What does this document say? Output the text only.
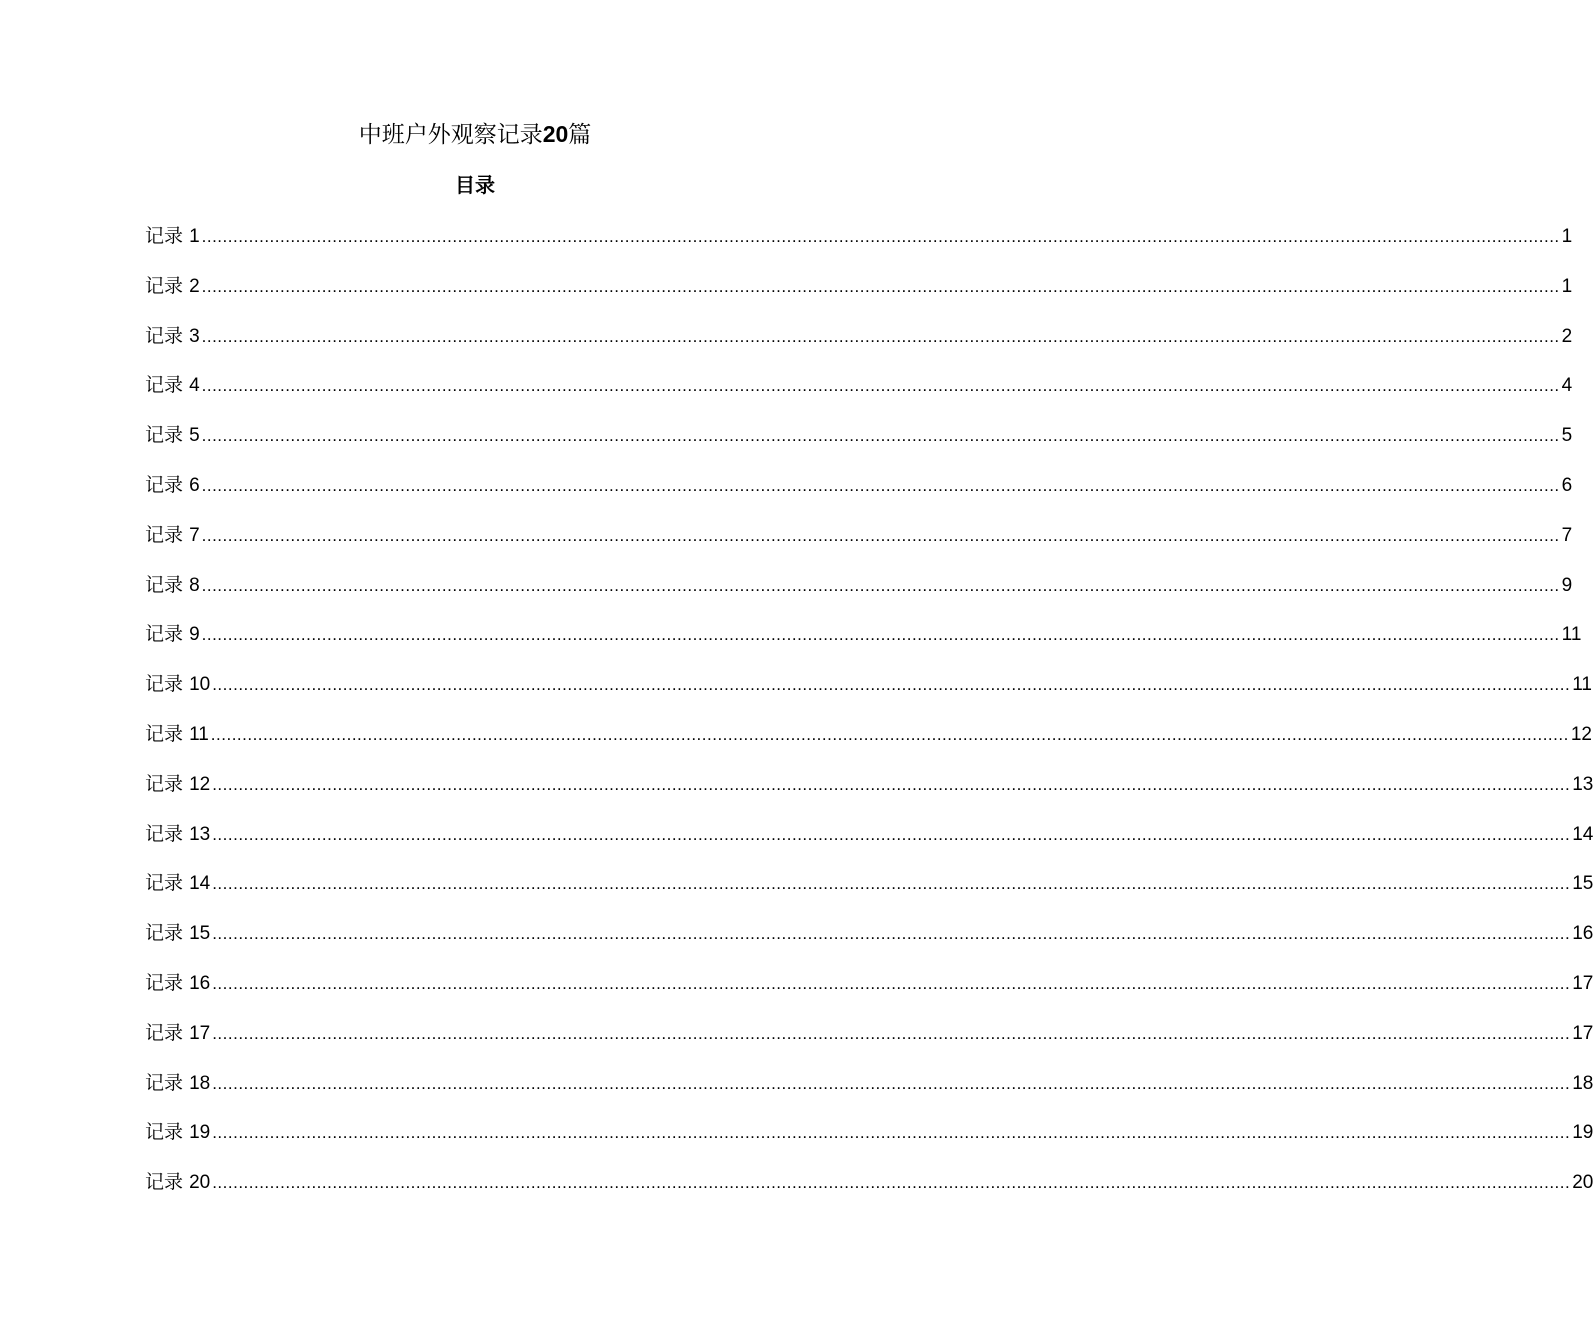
中班户外观察记录20篇
目录
记录 1 .................................................................................................................................................................................................................................................................... 1
记录 2 .................................................................................................................................................................................................................................................................... 1
记录 3 .................................................................................................................................................................................................................................................................... 2
记录 4 .................................................................................................................................................................................................................................................................... 4
记录 5 .................................................................................................................................................................................................................................................................... 5
记录 6 .................................................................................................................................................................................................................................................................... 6
记录 7 .................................................................................................................................................................................................................................................................... 7
记录 8 .................................................................................................................................................................................................................................................................... 9
记录 9 .................................................................................................................................................................................................................................................................... 11
记录 10 .................................................................................................................................................................................................................................................................... 11
记录 11 .................................................................................................................................................................................................................................................................... 12
记录 12 .................................................................................................................................................................................................................................................................... 13
记录 13 .................................................................................................................................................................................................................................................................... 14
记录 14 .................................................................................................................................................................................................................................................................... 15
记录 15 .................................................................................................................................................................................................................................................................... 16
记录 16 .................................................................................................................................................................................................................................................................... 17
记录 17 .................................................................................................................................................................................................................................................................... 17
记录 18 .................................................................................................................................................................................................................................................................... 18
记录 19 .................................................................................................................................................................................................................................................................... 19
记录 20 .................................................................................................................................................................................................................................................................... 20
